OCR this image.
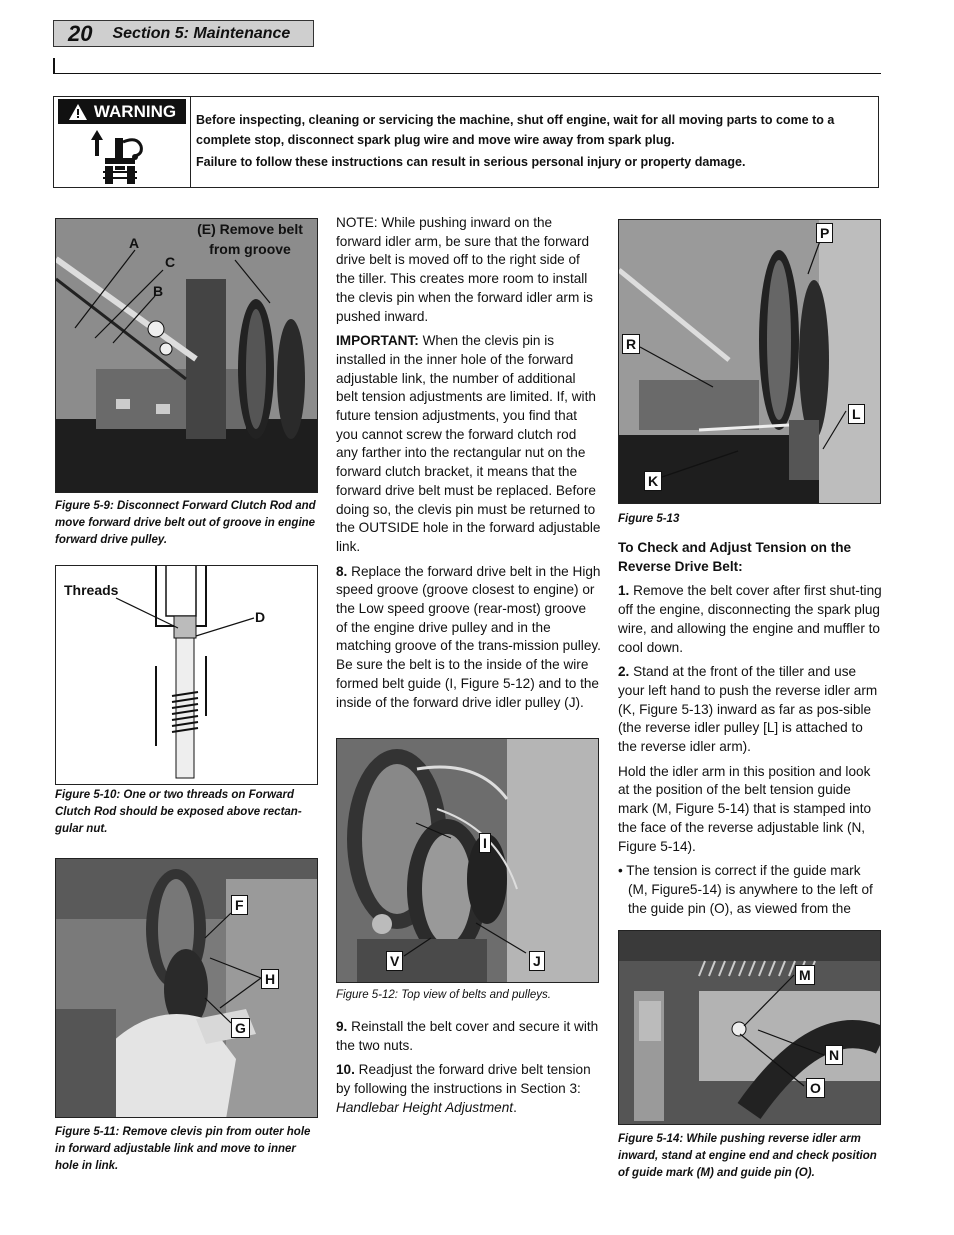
20 Section 5: Maintenance
WARNING Before inspecting, cleaning or servicing the machine, shut off engine, wait for all moving parts to come to a complete stop, disconnect spark plug wire and move wire away from spark plug.

Failure to follow these instructions can result in serious personal injury or property damage.

A
C
B
(E) Remove belt from groove
Figure 5-9: Disconnect Forward Clutch Rod and move forward drive belt out of groove in engine forward drive pulley.
Threads
D
Figure 5-10: One or two threads on Forward Clutch Rod should be exposed above rectan-gular nut.
F
H
G
Figure 5-11: Remove clevis pin from outer hole in forward adjustable link and move to inner hole in link.

NOTE: While pushing inward on the forward idler arm, be sure that the forward drive belt is moved off to the right side of the tiller. This creates more room to install the clevis pin when the forward idler arm is pushed inward.

IMPORTANT: When the clevis pin is installed in the inner hole of the forward adjustable link, the number of additional belt tension adjustments are limited. If, with future tension adjustments, you find that you cannot screw the forward clutch rod any farther into the rectangular nut on the forward clutch bracket, it means that the forward drive belt must be replaced. Before doing so, the clevis pin must be returned to the OUTSIDE hole in the forward adjustable link.

8. Replace the forward drive belt in the High speed groove (groove closest to engine) or the Low speed groove (rear-most) groove of the engine drive pulley and in the matching groove of the trans-mission pulley. Be sure the belt is to the inside of the wire formed belt guide (I, Figure 5-12) and to the inside of the forward drive idler pulley (J).

I
V	J
Figure 5-12: Top view of belts and pulleys.

9. Reinstall the belt cover and secure it with the two nuts.

10. Readjust the forward drive belt tension by following the instructions in Section 3: Handlebar Height Adjustment.

P
R
L
K
Figure 5-13

To Check and Adjust Tension on the Reverse Drive Belt:

1. Remove the belt cover after first shut-ting off the engine, disconnecting the spark plug wire, and allowing the engine and muffler to cool down.

2. Stand at the front of the tiller and use your left hand to push the reverse idler arm (K, Figure 5-13) inward as far as pos-sible (the reverse idler pulley [L] is attached to the reverse idler arm).

Hold the idler arm in this position and look at the position of the belt tension guide mark (M, Figure 5-14) that is stamped into the face of the reverse adjustable link (N, Figure 5-14).

• The tension is correct if the guide mark (M, Figure5-14) is anywhere to the left of the guide pin (O), as viewed from the

M
N
O
Figure 5-14: While pushing reverse idler arm inward, stand at engine end and check position of guide mark (M) and guide pin (O).
